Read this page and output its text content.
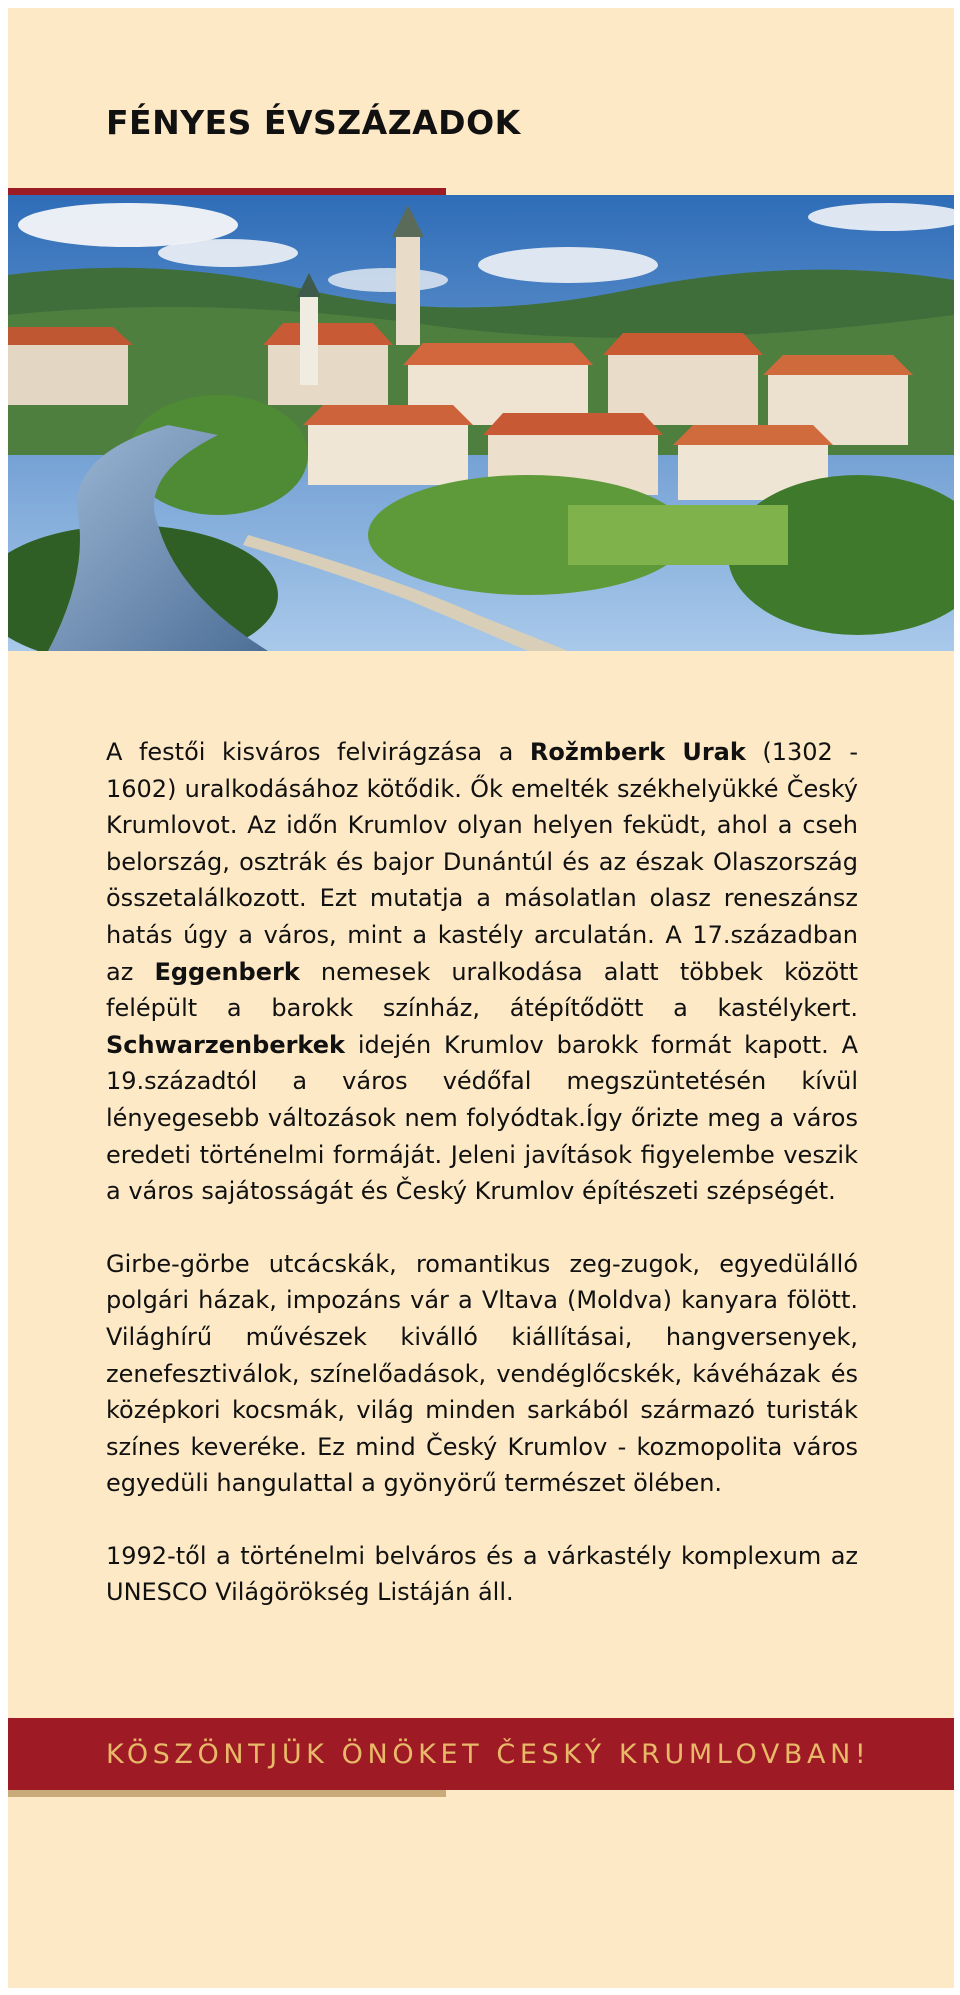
FÉNYES ÉVSZÁZADOK

A festői kisváros felvirágzása a Rožmberk Urak (1302 - 1602) uralkodásához kötődik. Ők emelték székhelyükké Český Krumlovot. Az időn Krumlov olyan helyen feküdt, ahol a cseh belország, osztrák és bajor Dunántúl és az észak Olaszország összetalálkozott. Ezt mutatja a másolatlan olasz reneszánsz hatás úgy a város, mint a kastély arculatán. A 17.században az Eggenberk nemesek uralkodása alatt többek között felépült a barokk színház, átépítődött a kastélykert. Schwarzenberkek idején Krumlov barokk formát kapott. A 19.századtól a város védőfal megszüntetésén kívül lényegesebb változások nem folyódtak.Így őrizte meg a város eredeti történelmi formáját. Jeleni javítások figyelembe veszik a város sajátosságát és Český Krumlov építészeti szépségét.

Girbe-görbe utcácskák, romantikus zeg-zugok, egyedülálló polgári házak, impozáns vár a Vltava (Moldva) kanyara fölött. Világhírű művészek kiválló kiállításai, hangversenyek, zenefesztiválok, színelőadások, vendéglőcskék, kávéházak és középkori kocsmák, világ minden sarkából származó turisták színes keveréke. Ez mind Český Krumlov - kozmopolita város egyedüli hangulattal a gyönyörű természet ölében.

1992-től a történelmi belváros és a várkastély komplexum az UNESCO Világörökség Listáján áll.

KÖSZÖNTJÜK ÖNÖKET ČESKÝ KRUMLOVBAN!
